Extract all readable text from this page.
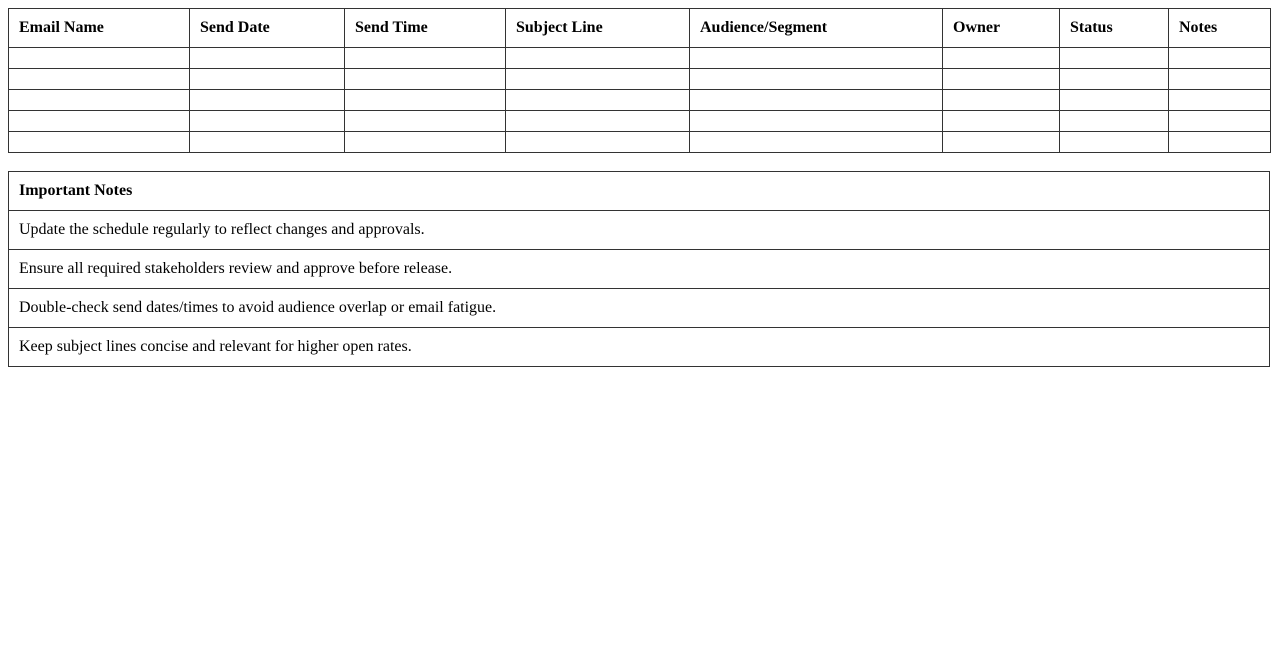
Email Name	Send Date	Send Time	Subject Line	Audience/Segment	Owner	Status	Notes

Important Notes
Update the schedule regularly to reflect changes and approvals.
Ensure all required stakeholders review and approve before release.
Double-check send dates/times to avoid audience overlap or email fatigue.
Keep subject lines concise and relevant for higher open rates.
